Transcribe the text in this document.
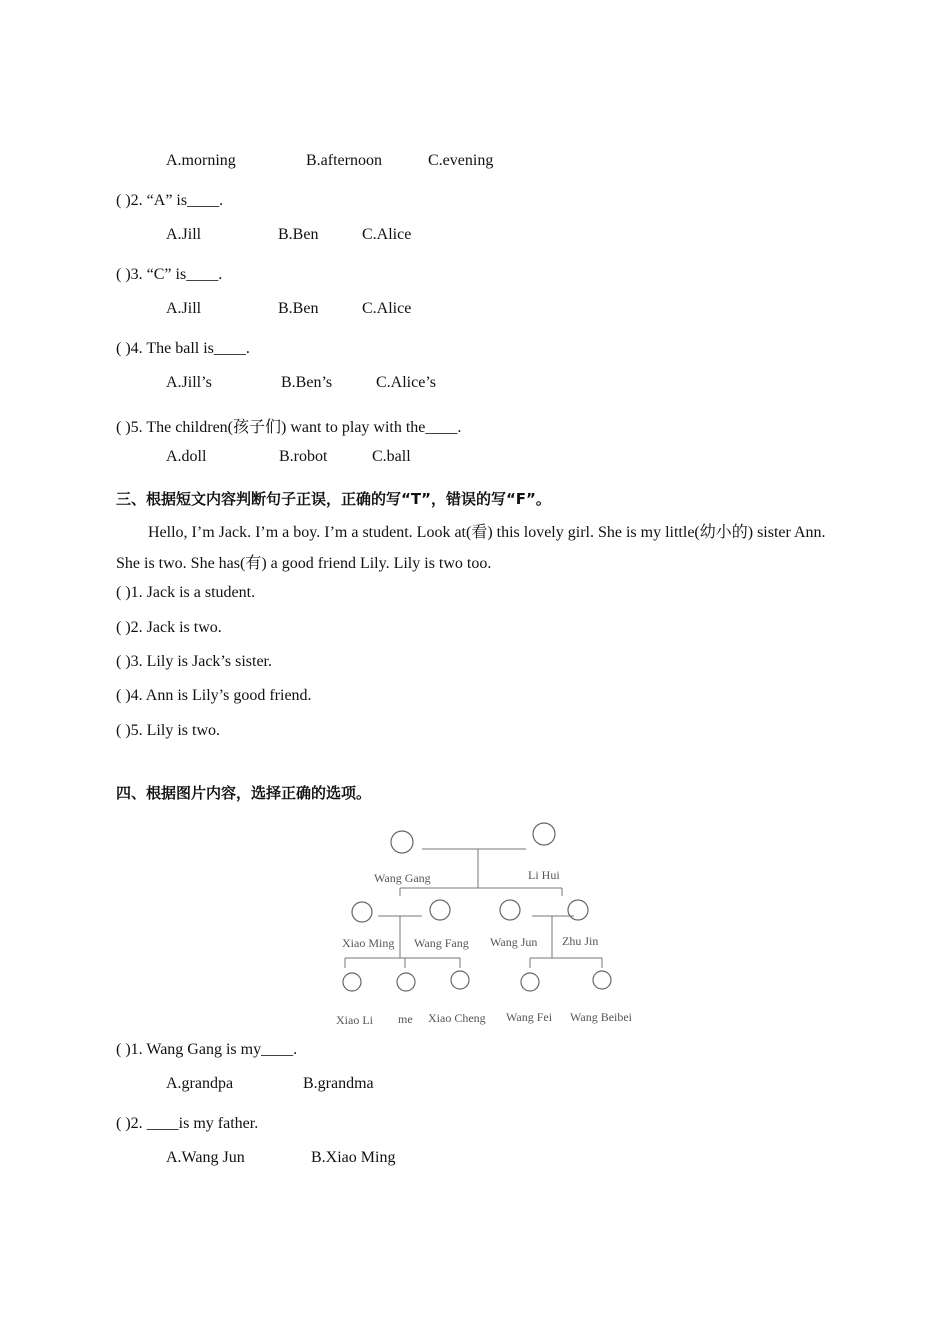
A.morning	B.afternoon	C.evening
( )2. “A” is____.
A.Jill	B.Ben	C.Alice
( )3. “C” is____.
A.Jill	B.Ben	C.Alice
( )4. The ball is____.
A.Jill’s	B.Ben’s	C.Alice’s
( )5. The children(孩子们) want to play with the____.
A.doll	B.robot	C.ball
三、根据短文内容判断句子正误，正确的写“T”，错误的写“F”。
Hello, I’m Jack. I’m a boy. I’m a student. Look at(看) this lovely girl. She is my little(幼小的) sister Ann. She is two. She has(有) a good friend Lily. Lily is two too.
( )1. Jack is a student.
( )2. Jack is two.
( )3. Lily is Jack’s sister.
( )4. Ann is Lily’s good friend.
( )5. Lily is two.
四、根据图片内容，选择正确的选项。
Wang Gang	Li Hui
Xiao Ming Wang Fang Wang Jun Zhu Jin
Xiao Li me Xiao Cheng Wang Fei Wang Beibei
( )1. Wang Gang is my____.
A.grandpa	B.grandma
( )2. ____is my father.
A.Wang Jun	B.Xiao Ming
